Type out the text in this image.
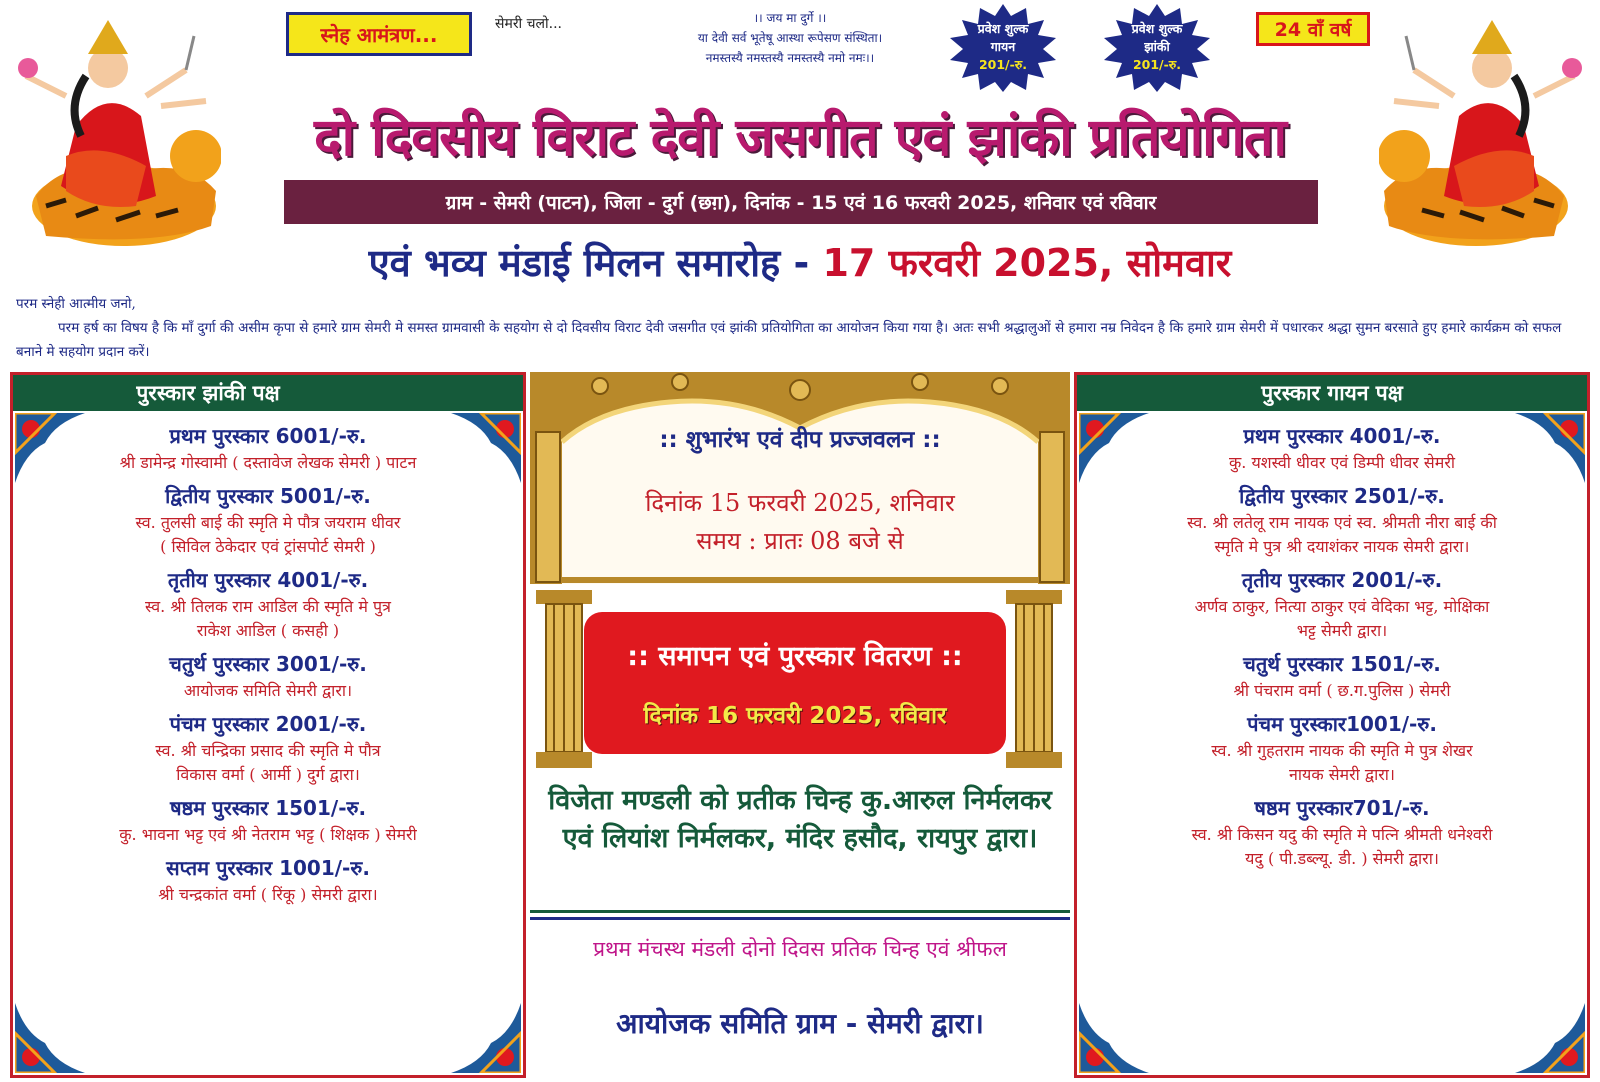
स्नेह आमंत्रण...	सेमरी चलो...	।। जय मा दुर्गे ।।
या देवी सर्व भूतेषू आस्था रूपेसण संस्थिता।
नमस्तस्यै नमस्तस्यै नमस्तस्यै नमो नमः।।
प्रवेश शुल्क
गायन
201/-रु.
प्रवेश शुल्क
झांकी
201/-रु.
24 वाँ वर्ष
दो दिवसीय विराट देवी जसगीत एवं झांकी प्रतियोगिता
ग्राम - सेमरी (पाटन), जिला - दुर्ग (छग़), दिनांक - 15 एवं 16 फरवरी 2025, शनिवार एवं रविवार
एवं भव्य मंडाई मिलन समारोह - 17 फरवरी 2025, सोमवार
परम स्नेही आत्मीय जनो,
परम हर्ष का विषय है कि माँ दुर्गा की असीम कृपा से हमारे ग्राम सेमरी मे समस्त ग्रामवासी के सहयोग से दो दिवसीय विराट देवी जसगीत एवं झांकी प्रतियोगिता का आयोजन किया गया है। अतः सभी श्रद्धालुओं से हमारा नम्र निवेदन है कि हमारे ग्राम सेमरी में पधारकर श्रद्धा सुमन बरसाते हुए हमारे कार्यक्रम को सफल बनाने मे सहयोग प्रदान करें।
पुरस्कार झांकी पक्ष
प्रथम पुरस्कार 6001/-रु.
श्री डामेन्द्र गोस्वामी ( दस्तावेज लेखक सेमरी ) पाटन
द्वितीय पुरस्कार 5001/-रु.
स्व. तुलसी बाई की स्मृति मे पौत्र जयराम धीवर
( सिविल ठेकेदार एवं ट्रांसपोर्ट सेमरी )
तृतीय पुरस्कार 4001/-रु.
स्व. श्री तिलक राम आडिल की स्मृति मे पुत्र
राकेश आडिल ( कसही )
चतुर्थ पुरस्कार 3001/-रु.
आयोजक समिति सेमरी द्वारा।
पंचम पुरस्कार 2001/-रु.
स्व. श्री चन्द्रिका प्रसाद की स्मृति मे पौत्र
विकास वर्मा ( आर्मी ) दुर्ग द्वारा।
षष्ठम पुरस्कार 1501/-रु.
कु. भावना भट्ट एवं श्री नेतराम भट्ट ( शिक्षक ) सेमरी
सप्तम पुरस्कार 1001/-रु.
श्री चन्द्रकांत वर्मा ( रिंकू ) सेमरी द्वारा।
:: शुभारंभ एवं दीप प्रज्जवलन ::
दिनांक 15 फरवरी 2025, शनिवार
समय : प्रातः 08 बजे से
:: समापन एवं पुरस्कार वितरण ::
दिनांक 16 फरवरी 2025, रविवार
विजेता मण्डली को प्रतीक चिन्ह कु.आरुल निर्मलकर एवं लियांश निर्मलकर, मंदिर हसौद, रायपुर द्वारा।
प्रथम मंचस्थ मंडली दोनो दिवस प्रतिक चिन्ह एवं श्रीफल
आयोजक समिति ग्राम - सेमरी द्वारा।
पुरस्कार गायन पक्ष
प्रथम पुरस्कार 4001/-रु.
कु. यशस्वी धीवर एवं डिम्पी धीवर सेमरी
द्वितीय पुरस्कार 2501/-रु.
स्व. श्री लतेलू राम नायक एवं स्व. श्रीमती नीरा बाई की
स्मृति मे पुत्र श्री दयाशंकर नायक सेमरी द्वारा।
तृतीय पुरस्कार 2001/-रु.
अर्णव ठाकुर, नित्या ठाकुर एवं वेदिका भट्ट, मोक्षिका
भट्ट सेमरी द्वारा।
चतुर्थ पुरस्कार 1501/-रु.
श्री पंचराम वर्मा ( छ.ग.पुलिस ) सेमरी
पंचम पुरस्कार1001/-रु.
स्व. श्री गुहतराम नायक की स्मृति मे पुत्र शेखर
नायक सेमरी द्वारा।
षष्ठम पुरस्कार701/-रु.
स्व. श्री किसन यदु की स्मृति मे पत्नि श्रीमती धनेश्वरी
यदु ( पी.डब्ल्यू. डी. ) सेमरी द्वारा।
